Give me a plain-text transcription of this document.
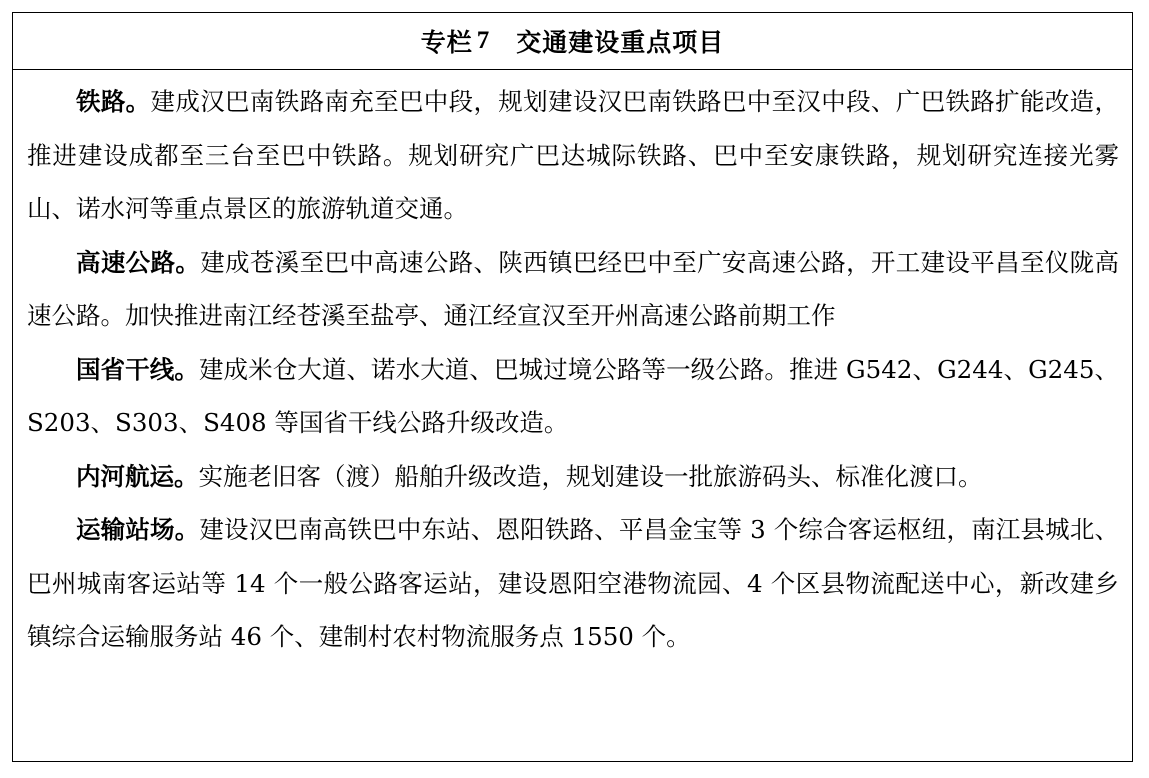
专栏 7 交通建设重点项目

铁路。建成汉巴南铁路南充至巴中段，规划建设汉巴南铁路巴中至汉中段、广巴铁路扩能改造，推进建设成都至三台至巴中铁路。规划研究广巴达城际铁路、巴中至安康铁路，规划研究连接光雾山、诺水河等重点景区的旅游轨道交通。

高速公路。建成苍溪至巴中高速公路、陕西镇巴经巴中至广安高速公路，开工建设平昌至仪陇高速公路。加快推进南江经苍溪至盐亭、通江经宣汉至开州高速公路前期工作

国省干线。建成米仓大道、诺水大道、巴城过境公路等一级公路。推进 G542、G244、G245、S203、S303、S408 等国省干线公路升级改造。

内河航运。实施老旧客（渡）船舶升级改造，规划建设一批旅游码头、标准化渡口。

运输站场。建设汉巴南高铁巴中东站、恩阳铁路、平昌金宝等 3 个综合客运枢纽，南江县城北、巴州城南客运站等 14 个一般公路客运站，建设恩阳空港物流园、4 个区县物流配送中心，新改建乡镇综合运输服务站 46 个、建制村农村物流服务点 1550 个。
